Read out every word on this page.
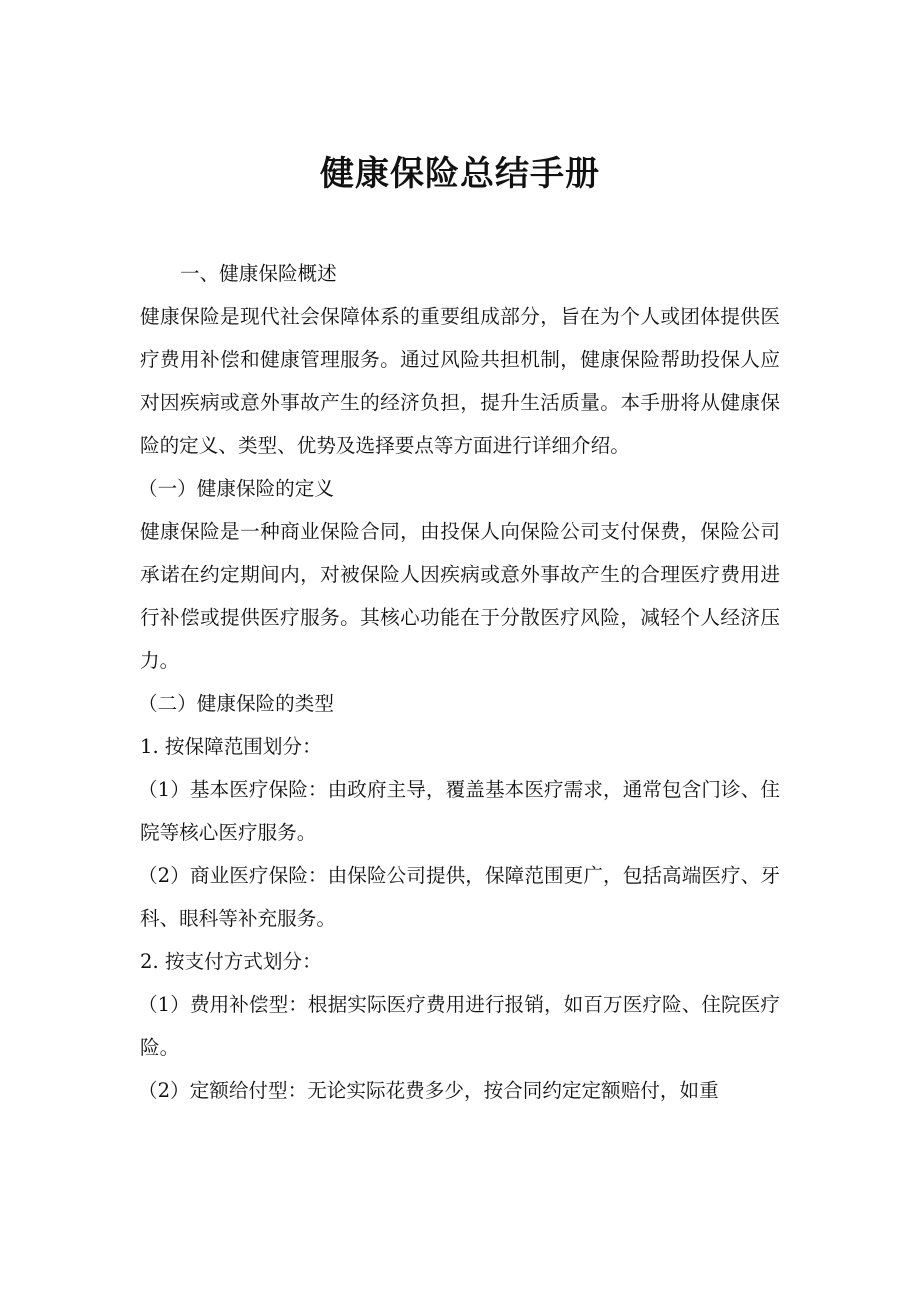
健康保险总结手册

一、健康保险概述

健康保险是现代社会保障体系的重要组成部分，旨在为个人或团体提供医疗费用补偿和健康管理服务。通过风险共担机制，健康保险帮助投保人应对因疾病或意外事故产生的经济负担，提升生活质量。本手册将从健康保险的定义、类型、优势及选择要点等方面进行详细介绍。

（一）健康保险的定义

健康保险是一种商业保险合同，由投保人向保险公司支付保费，保险公司承诺在约定期间内，对被保险人因疾病或意外事故产生的合理医疗费用进行补偿或提供医疗服务。其核心功能在于分散医疗风险，减轻个人经济压力。

（二）健康保险的类型

1. 按保障范围划分：

（1）基本医疗保险：由政府主导，覆盖基本医疗需求，通常包含门诊、住院等核心医疗服务。

（2）商业医疗保险：由保险公司提供，保障范围更广，包括高端医疗、牙科、眼科等补充服务。

2. 按支付方式划分：

（1）费用补偿型：根据实际医疗费用进行报销，如百万医疗险、住院医疗险。

（2）定额给付型：无论实际花费多少，按合同约定定额赔付，如重
